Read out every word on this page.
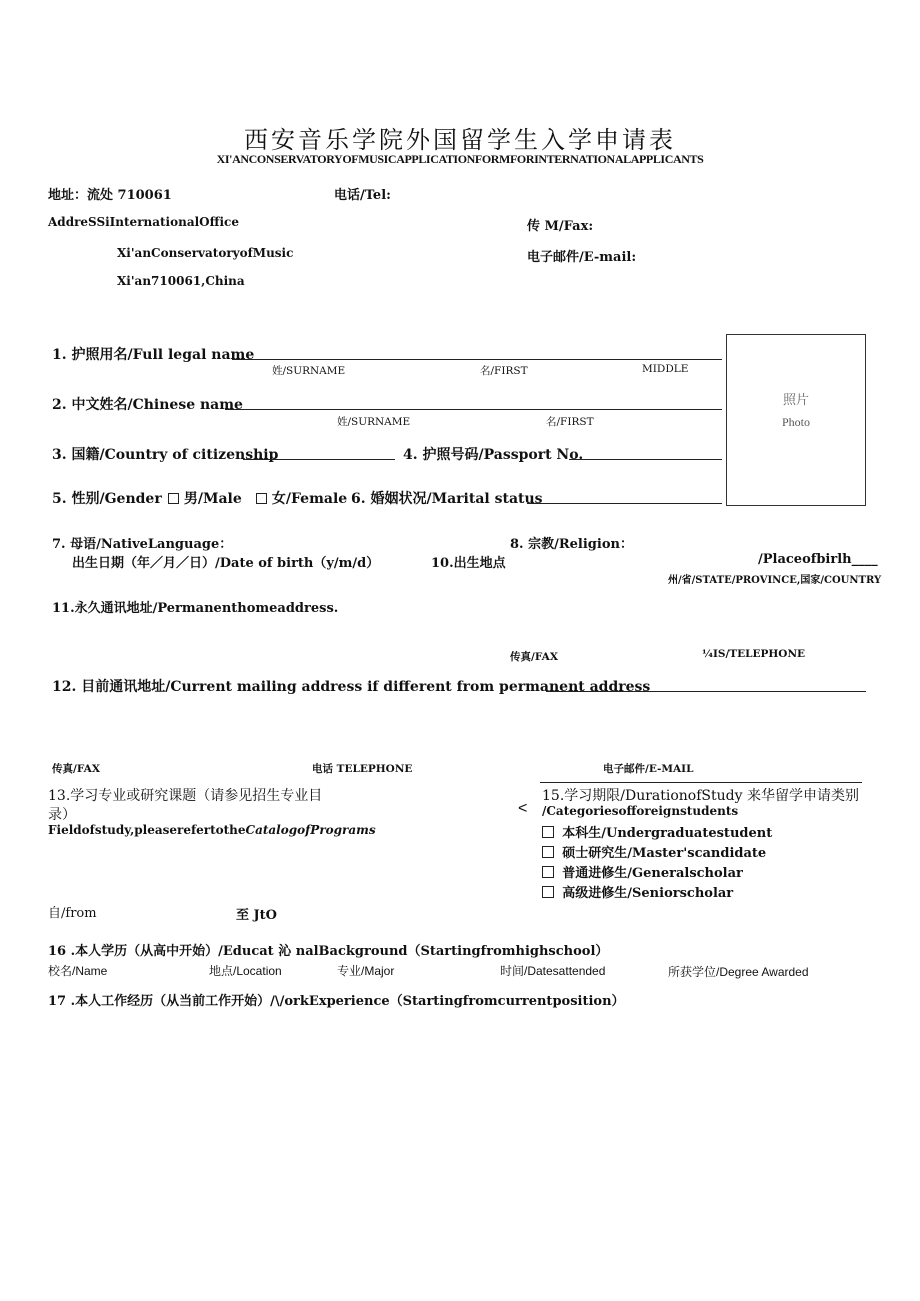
西安音乐学院外国留学生入学申请表
XI'ANCONSERVATORYOFMUSICAPPLICATIONFORMFORINTERNATIONALAPPLICANTS
地址：流处 710061	电话/Tel:
AddreSSiInternationalOffice	传 M/Fax:
Xi'anConservatoryofMusic	电子邮件/E-mail:
Xi'an710061,China
照片
Photo
1. 护照用名/Full legal name
姓/SURNAME	名/FIRST	MIDDLE
2. 中文姓名/Chinese name
姓/SURNAME	名/FIRST
3. 国籍/Country of citizenship	4. 护照号码/Passport No.
5. 性别/Gender	男/Male	女/Female 6. 婚姻状况/Marital status
7. 母语/NativeLanguage：	8. 宗教/Religion：
出生日期（年／月／日）/Date of birth（y/m/d）	10.出生地点	/Placeofbirlh____
州/省/STATE/PROVINCE,国家/COUNTRY
11.永久通讯地址/Permanenthomeaddress.
传真/FAX	¼IS/TELEPHONE
12. 目前通讯地址/Current mailing address if different from permanent address
传真/FAX	电话 TELEPHONE	电子邮件/E-MAIL
13.学习专业或研究课题（请参见招生专业目
录）
Fieldofstudy,pleaserefertotheCatalogofPrograms
<
15.学习期限/DurationofStudy 来华留学申请类别
/Categoriesofforeignstudents
本科生/Undergraduatestudent
硕士研究生/Master'scandidate
普通进修生/Generalscholar
高级进修生/Seniorscholar
自/from	至 JtO
16 .本人学历（从高中开始）/Educat 沁 nalBackground（Startingfromhighschool）
校名/Name	地点/Location	专业/Major	时间/Datesattended	所获学位/Degree Awarded
17 .本人工作经历（从当前工作开始）/\/orkExperience（Startingfromcurrentposition）
